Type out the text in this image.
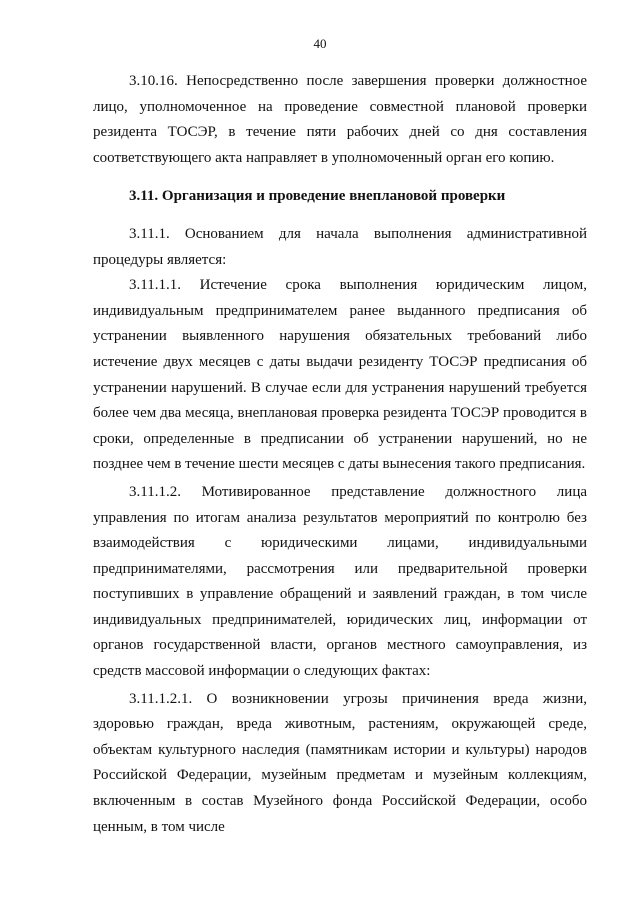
40
3.10.16. Непосредственно после завершения проверки должностное лицо, уполномоченное на проведение совместной плановой проверки резидента ТОСЭР, в течение пяти рабочих дней со дня составления соответствующего акта направляет в уполномоченный орган его копию.
3.11. Организация и проведение внеплановой проверки
3.11.1. Основанием для начала выполнения административной процедуры является:
3.11.1.1. Истечение срока выполнения юридическим лицом, индивидуальным предпринимателем ранее выданного предписания об устранении выявленного нарушения обязательных требований либо истечение двух месяцев с даты выдачи резиденту ТОСЭР предписания об устранении нарушений. В случае если для устранения нарушений требуется более чем два месяца, внеплановая проверка резидента ТОСЭР проводится в сроки, определенные в предписании об устранении нарушений, но не позднее чем в течение шести месяцев с даты вынесения такого предписания.
3.11.1.2. Мотивированное представление должностного лица управления по итогам анализа результатов мероприятий по контролю без взаимодействия с юридическими лицами, индивидуальными предпринимателями, рассмотрения или предварительной проверки поступивших в управление обращений и заявлений граждан, в том числе индивидуальных предпринимателей, юридических лиц, информации от органов государственной власти, органов местного самоуправления, из средств массовой информации о следующих фактах:
3.11.1.2.1. О возникновении угрозы причинения вреда жизни, здоровью граждан, вреда животным, растениям, окружающей среде, объектам культурного наследия (памятникам истории и культуры) народов Российской Федерации, музейным предметам и музейным коллекциям, включенным в состав Музейного фонда Российской Федерации, особо ценным, в том числе
